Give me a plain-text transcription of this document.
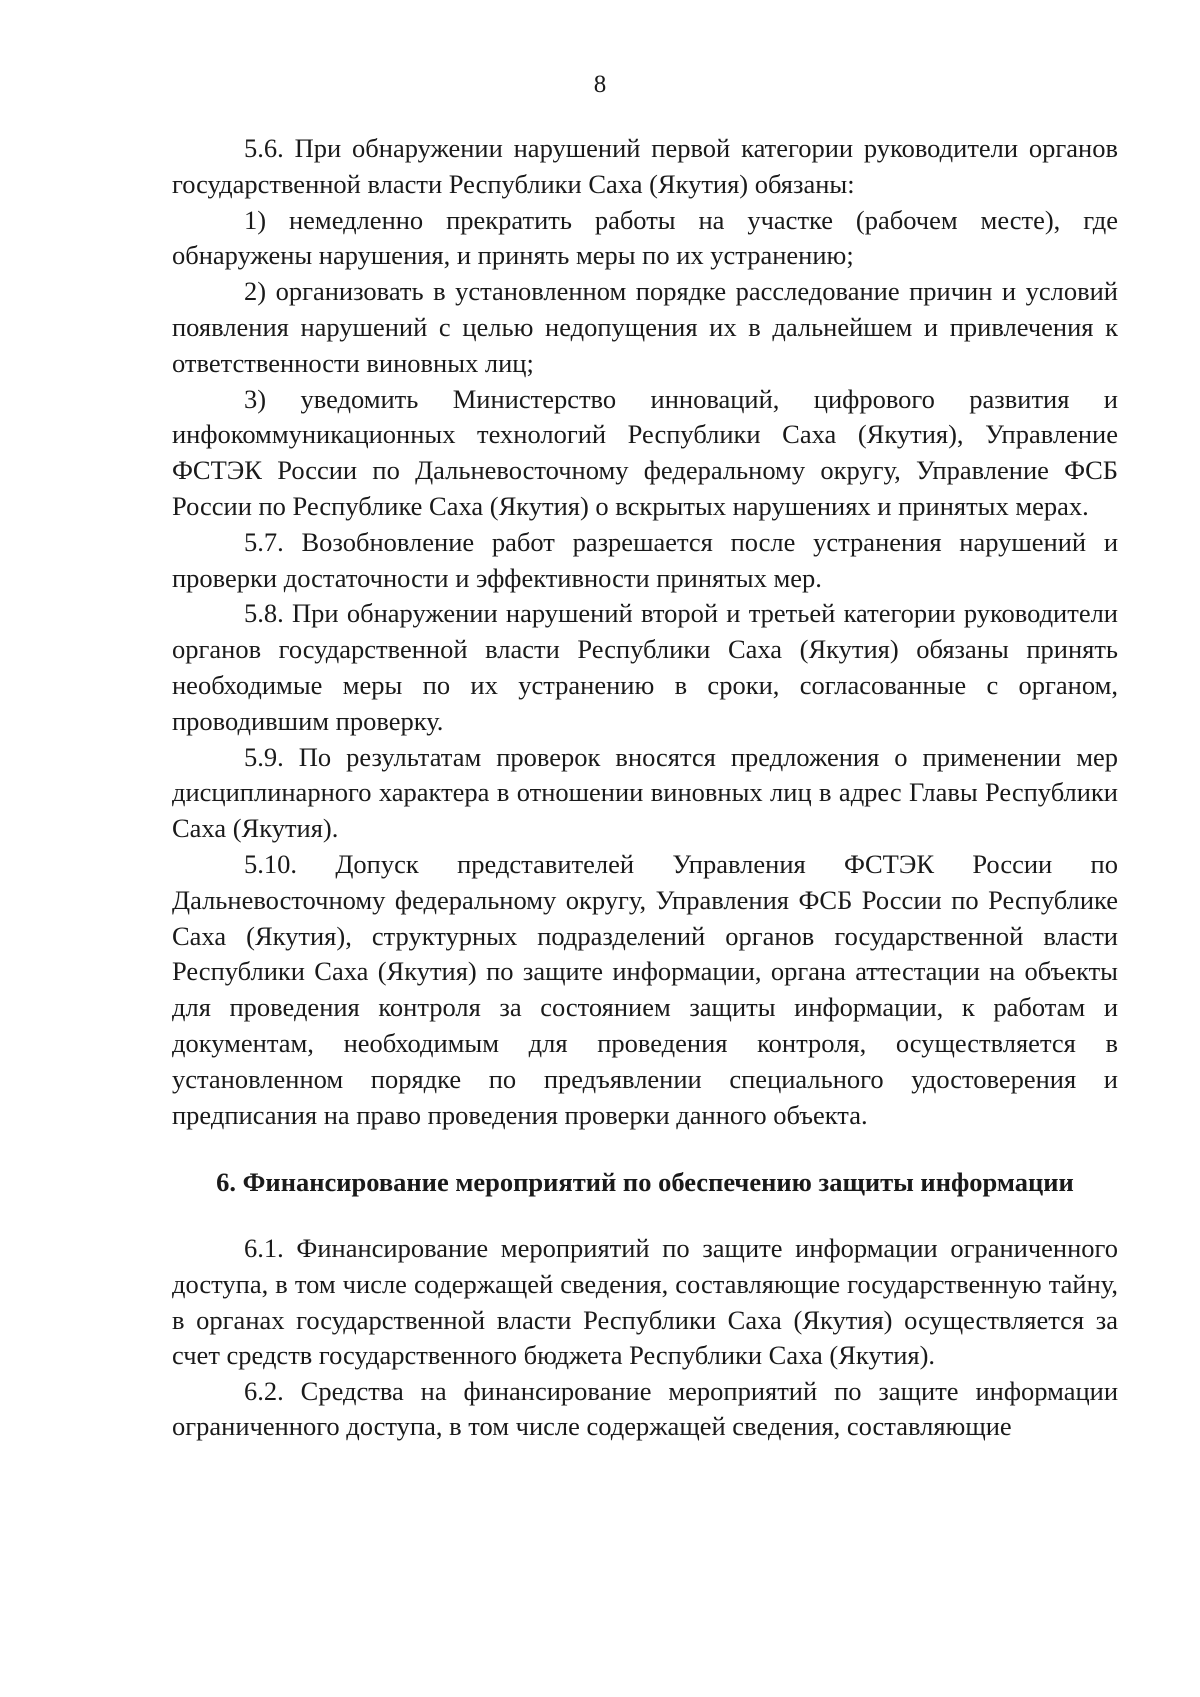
8

5.6. При обнаружении нарушений первой категории руководители органов государственной власти Республики Саха (Якутия) обязаны:

1) немедленно прекратить работы на участке (рабочем месте), где обнаружены нарушения, и принять меры по их устранению;

2) организовать в установленном порядке расследование причин и условий появления нарушений с целью недопущения их в дальнейшем и привлечения к ответственности виновных лиц;

3) уведомить Министерство инноваций, цифрового развития и инфокоммуникационных технологий Республики Саха (Якутия), Управление ФСТЭК России по Дальневосточному федеральному округу, Управление ФСБ России по Республике Саха (Якутия) о вскрытых нарушениях и принятых мерах.

5.7. Возобновление работ разрешается после устранения нарушений и проверки достаточности и эффективности принятых мер.

5.8. При обнаружении нарушений второй и третьей категории руководители органов государственной власти Республики Саха (Якутия) обязаны принять необходимые меры по их устранению в сроки, согласованные с органом, проводившим проверку.

5.9. По результатам проверок вносятся предложения о применении мер дисциплинарного характера в отношении виновных лиц в адрес Главы Республики Саха (Якутия).

5.10. Допуск представителей Управления ФСТЭК России по Дальневосточному федеральному округу, Управления ФСБ России по Республике Саха (Якутия), структурных подразделений органов государственной власти Республики Саха (Якутия) по защите информации, органа аттестации на объекты для проведения контроля за состоянием защиты информации, к работам и документам, необходимым для проведения контроля, осуществляется в установленном порядке по предъявлении специального удостоверения и предписания на право проведения проверки данного объекта.

6. Финансирование мероприятий по обеспечению защиты информации

6.1. Финансирование мероприятий по защите информации ограниченного доступа, в том числе содержащей сведения, составляющие государственную тайну, в органах государственной власти Республики Саха (Якутия) осуществляется за счет средств государственного бюджета Республики Саха (Якутия).

6.2. Средства на финансирование мероприятий по защите информации ограниченного доступа, в том числе содержащей сведения, составляющие
